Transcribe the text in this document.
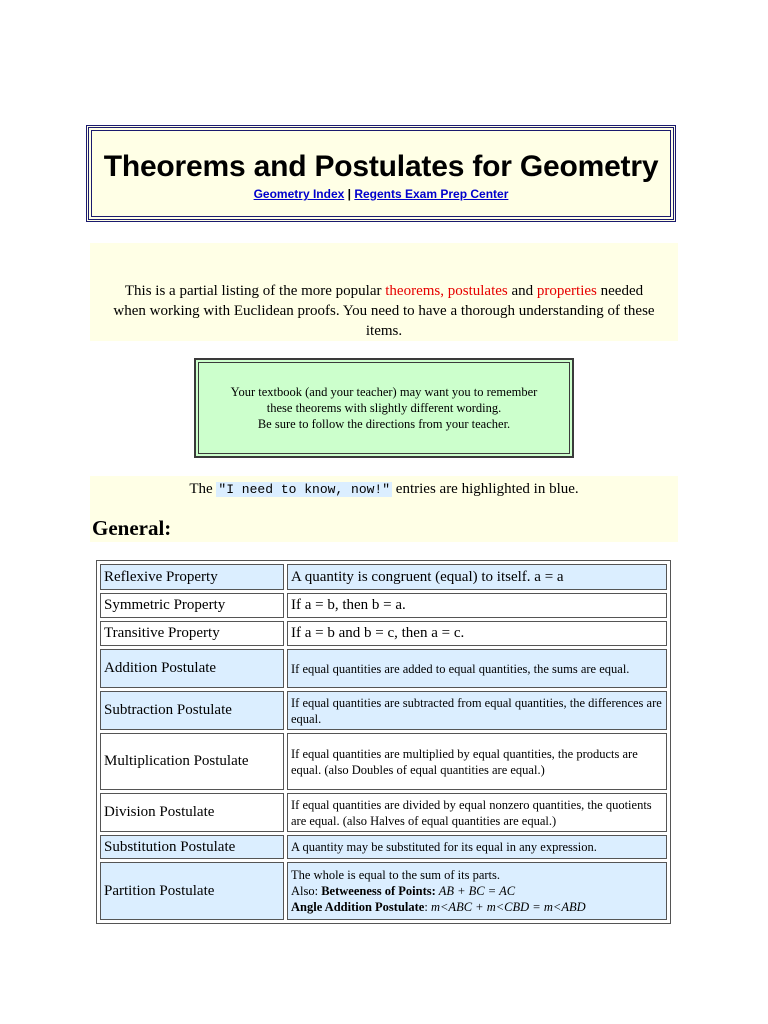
Theorems and Postulates for Geometry
Geometry Index | Regents Exam Prep Center

This is a partial listing of the more popular theorems, postulates and properties needed when working with Euclidean proofs. You need to have a thorough understanding of these items.

Your textbook (and your teacher) may want you to remember
these theorems with slightly different wording.
Be sure to follow the directions from your teacher.

The "I need to know, now!" entries are highlighted in blue.
General:
Reflexive Property	A quantity is congruent (equal) to itself. a = a
Symmetric Property	If a = b, then b = a.
Transitive Property	If a = b and b = c, then a = c.
Addition Postulate	If equal quantities are added to equal quantities, the sums are equal.
Subtraction Postulate	If equal quantities are subtracted from equal quantities, the differences are equal.
Multiplication Postulate	If equal quantities are multiplied by equal quantities, the products are equal. (also Doubles of equal quantities are equal.)
Division Postulate	If equal quantities are divided by equal nonzero quantities, the quotients are equal. (also Halves of equal quantities are equal.)
Substitution Postulate	A quantity may be substituted for its equal in any expression.
Partition Postulate	The whole is equal to the sum of its parts.
Also: Betweeness of Points: AB + BC = AC
Angle Addition Postulate: m<ABC + m<CBD = m<ABD
